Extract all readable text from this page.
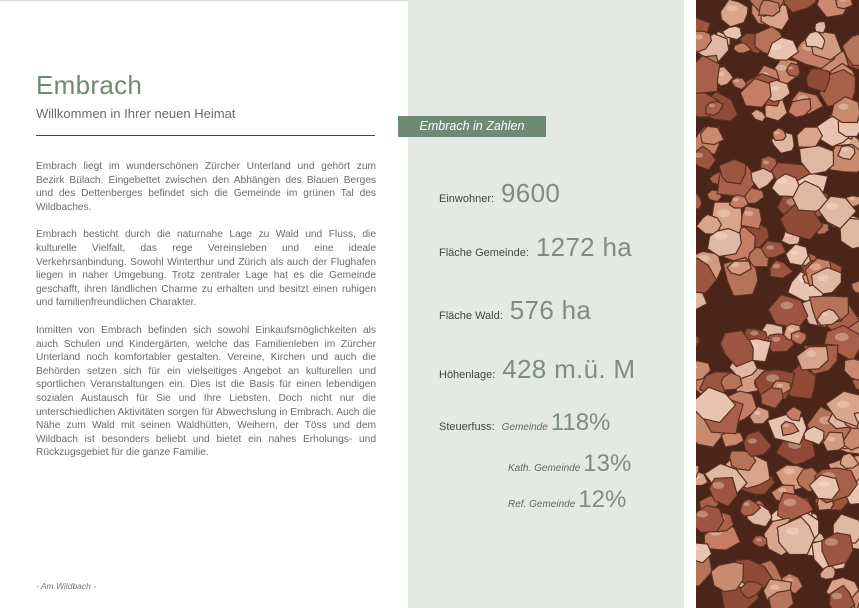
Embrach
Willkommen in Ihrer neuen Heimat

Embrach liegt im wunderschönen Zürcher Unterland und gehört zum Bezirk Bülach. Eingebettet zwischen den Abhängen des Blauen Berges und des Dettenberges befindet sich die Gemeinde im grünen Tal des Wildbaches.

Embrach besticht durch die naturnahe Lage zu Wald und Fluss, die kulturelle Vielfalt, das rege Vereinsleben und eine ideale Verkehrsanbindung. Sowohl Winterthur und Zürich als auch der Flughafen liegen in naher Umgebung. Trotz zentraler Lage hat es die Gemeinde geschafft, ihren ländlichen Charme zu erhalten und besitzt einen ruhigen und familienfreundlichen Charakter.

Inmitten von Embrach befinden sich sowohl Einkaufsmöglichkeiten als auch Schulen und Kindergärten, welche das Familienleben im Zürcher Unterland noch komfortabler gestalten. Vereine, Kirchen und auch die Behörden setzen sich für ein vielseitiges Angebot an kulturellen und sportlichen Veranstaltungen ein. Dies ist die Basis für einen lebendigen sozialen Austausch für Sie und Ihre Liebsten. Doch nicht nur die unterschiedlichen Aktivitäten sorgen für Abwechslung in Embrach. Auch die Nähe zum Wald mit seinen Waldhütten, Weihern, der Töss und dem Wildbach ist besonders beliebt und bietet ein nahes Erholungs- und Rückzugsgebiet für die ganze Familie.

- Am Wildbach -
Embrach in Zahlen
Einwohner: 9600
Fläche Gemeinde: 1272 ha
Fläche Wald: 576 ha
Höhenlage: 428 m.ü. M
Steuerfuss: Gemeinde 118%
Kath. Gemeinde 13%
Ref. Gemeinde 12%
